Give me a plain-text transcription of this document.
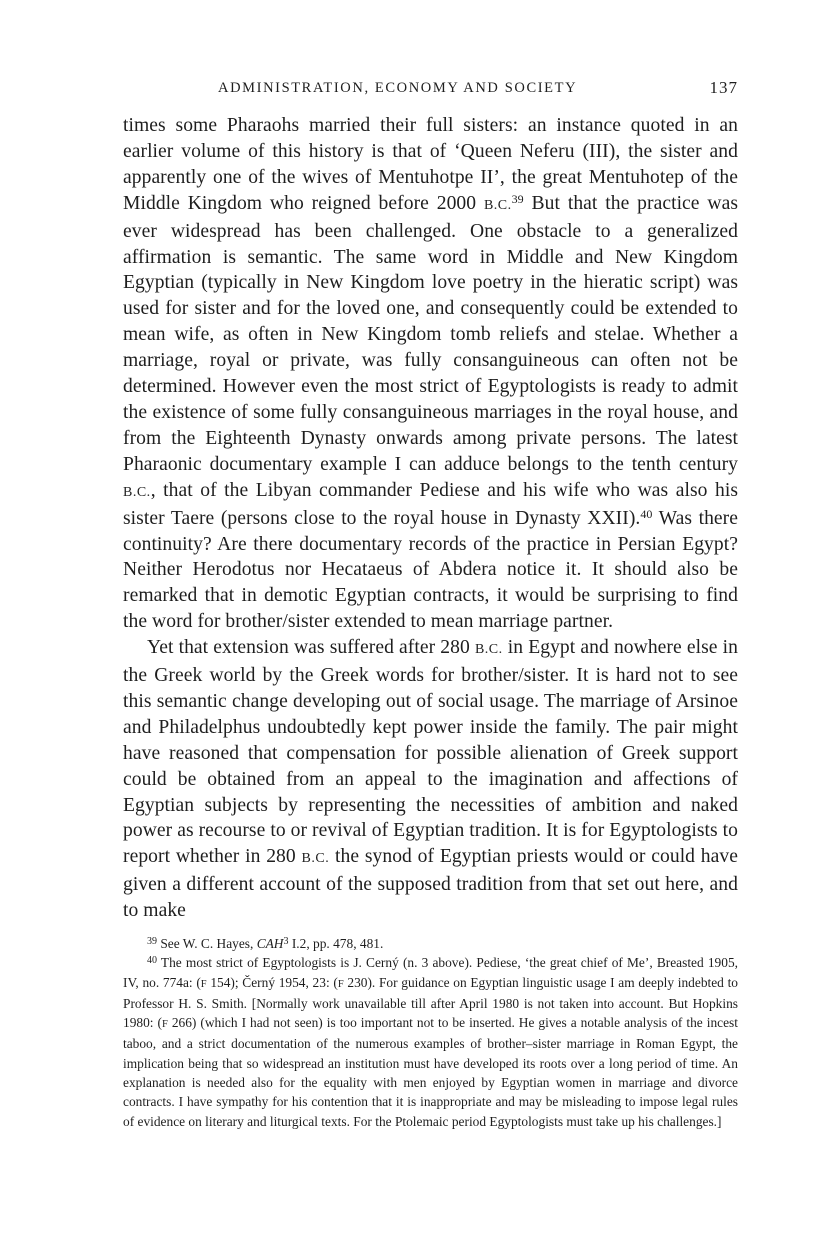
ADMINISTRATION, ECONOMY AND SOCIETY	137

times some Pharaohs married their full sisters: an instance quoted in an earlier volume of this history is that of ‘Queen Neferu (III), the sister and apparently one of the wives of Mentuhotpe II’, the great Mentuhotep of the Middle Kingdom who reigned before 2000 B.C.$^{39}$ But that the practice was ever widespread has been challenged. One obstacle to a generalized affirmation is semantic. The same word in Middle and New Kingdom Egyptian (typically in New Kingdom love poetry in the hieratic script) was used for sister and for the loved one, and consequently could be extended to mean wife, as often in New Kingdom tomb reliefs and stelae. Whether a marriage, royal or private, was fully consanguineous can often not be determined. However even the most strict of Egyptologists is ready to admit the existence of some fully consanguineous marriages in the royal house, and from the Eighteenth Dynasty onwards among private persons. The latest Pharaonic documentary example I can adduce belongs to the tenth century B.C., that of the Libyan commander Pediese and his wife who was also his sister Taere (persons close to the royal house in Dynasty XXII).$^{40}$ Was there continuity? Are there documentary records of the practice in Persian Egypt? Neither Herodotus nor Hecataeus of Abdera notice it. It should also be remarked that in demotic Egyptian contracts, it would be surprising to find the word for brother/sister extended to mean marriage partner.

Yet that extension was suffered after 280 B.C. in Egypt and nowhere else in the Greek world by the Greek words for brother/sister. It is hard not to see this semantic change developing out of social usage. The marriage of Arsinoe and Philadelphus undoubtedly kept power inside the family. The pair might have reasoned that compensation for possible alienation of Greek support could be obtained from an appeal to the imagination and affections of Egyptian subjects by representing the necessities of ambition and naked power as recourse to or revival of Egyptian tradition. It is for Egyptologists to report whether in 280 B.C. the synod of Egyptian priests would or could have given a different account of the supposed tradition from that set out here, and to make

$^{39}$ See W. C. Hayes, CAH$^3$ I.2, pp. 478, 481.

$^{40}$ The most strict of Egyptologists is J. Cerný (n. 3 above). Pediese, ‘the great chief of Me’, Breasted 1905, IV, no. 774a: (F 154); Černý 1954, 23: (F 230). For guidance on Egyptian linguistic usage I am deeply indebted to Professor H. S. Smith. [Normally work unavailable till after April 1980 is not taken into account. But Hopkins 1980: (F 266) (which I had not seen) is too important not to be inserted. He gives a notable analysis of the incest taboo, and a strict documentation of the numerous examples of brother–sister marriage in Roman Egypt, the implication being that so widespread an institution must have developed its roots over a long period of time. An explanation is needed also for the equality with men enjoyed by Egyptian women in marriage and divorce contracts. I have sympathy for his contention that it is inappropriate and may be misleading to impose legal rules of evidence on literary and liturgical texts. For the Ptolemaic period Egyptologists must take up his challenges.]
